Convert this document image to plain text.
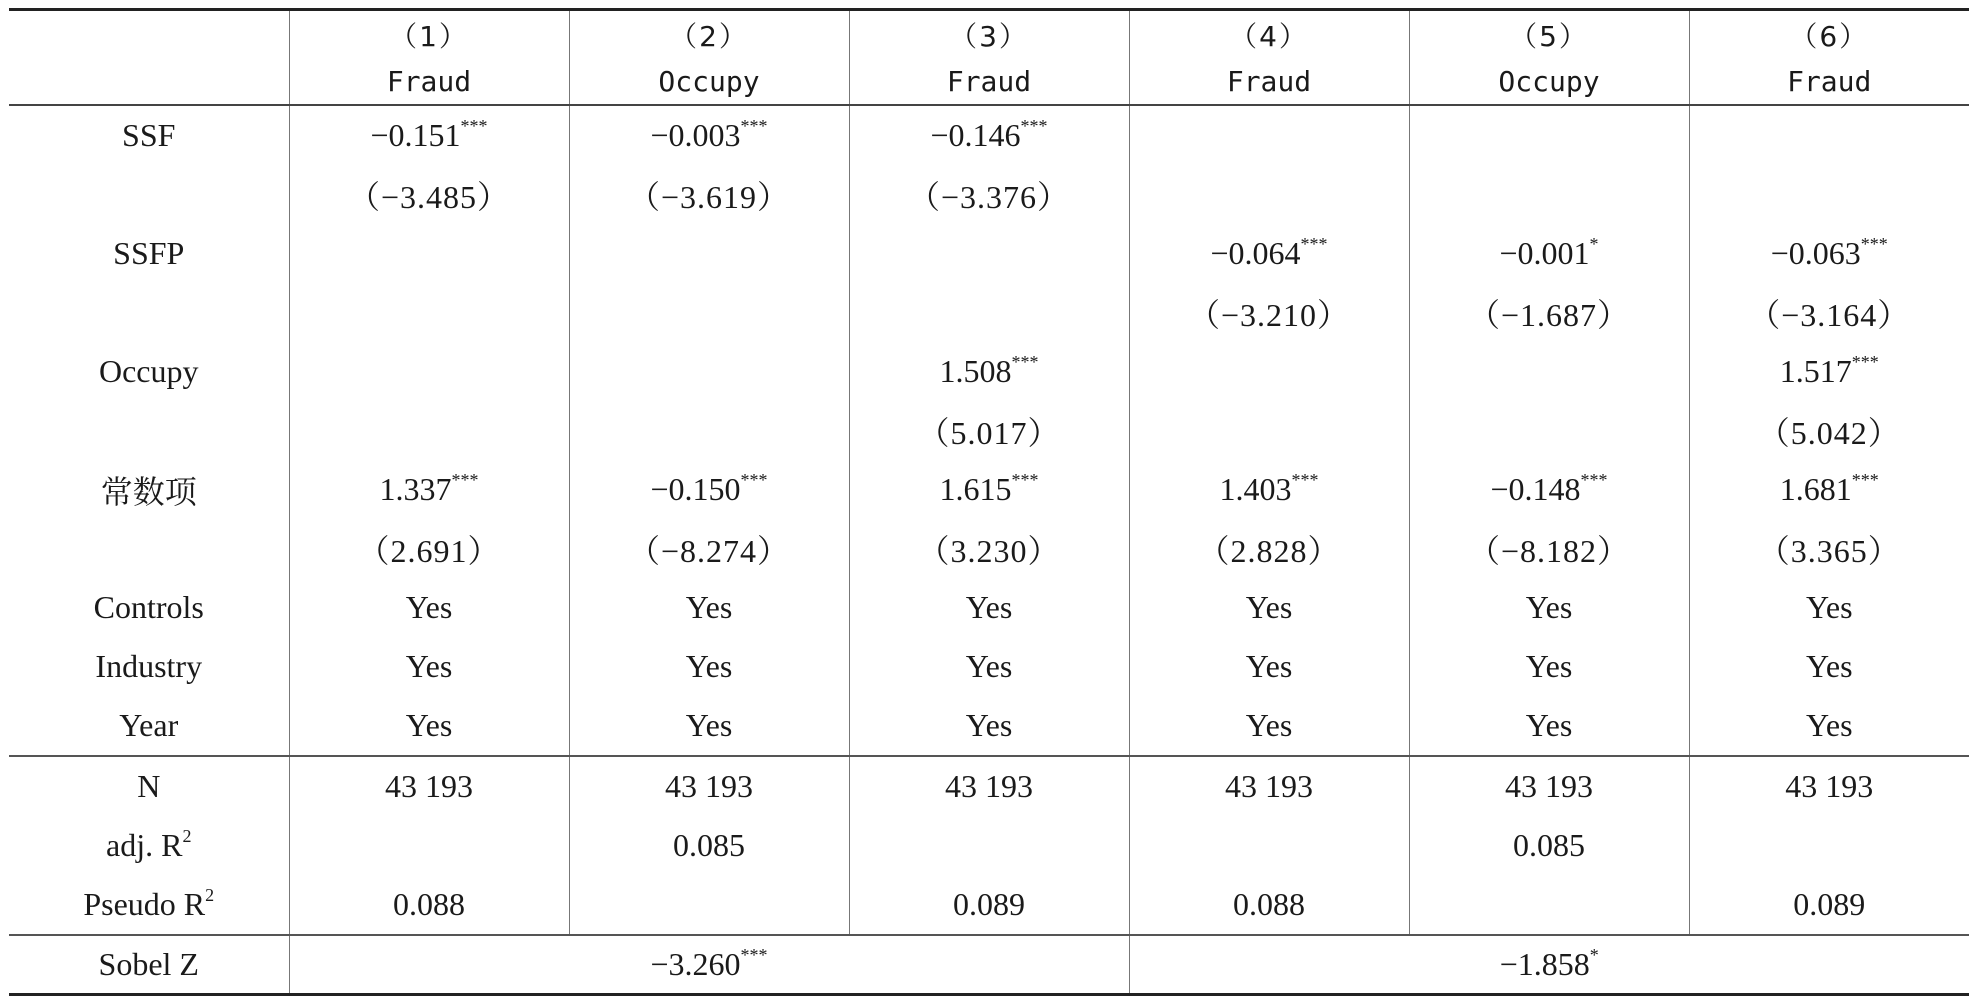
	（1）	（2）	（3）	（4）	（5）	（6）
	Fraud	Occupy	Fraud	Fraud	Occupy	Fraud
SSF	−0.151***	−0.003***	−0.146***			
	（−3.485）	（−3.619）	（−3.376）			
SSFP				−0.064***	−0.001*	−0.063***
				（−3.210）	（−1.687）	（−3.164）
Occupy			1.508***			1.517***
			（5.017）			（5.042）
常数项	1.337***	−0.150***	1.615***	1.403***	−0.148***	1.681***
	（2.691）	（−8.274）	（3.230）	（2.828）	（−8.182）	（3.365）
Controls	Yes	Yes	Yes	Yes	Yes	Yes
Industry	Yes	Yes	Yes	Yes	Yes	Yes
Year	Yes	Yes	Yes	Yes	Yes	Yes
N	43 193	43 193	43 193	43 193	43 193	43 193
adj. $R^2$		0.085			0.085	
Pseudo $R^2$	0.088		0.089	0.088		0.089
Sobel Z	−3.260***			−1.858*
